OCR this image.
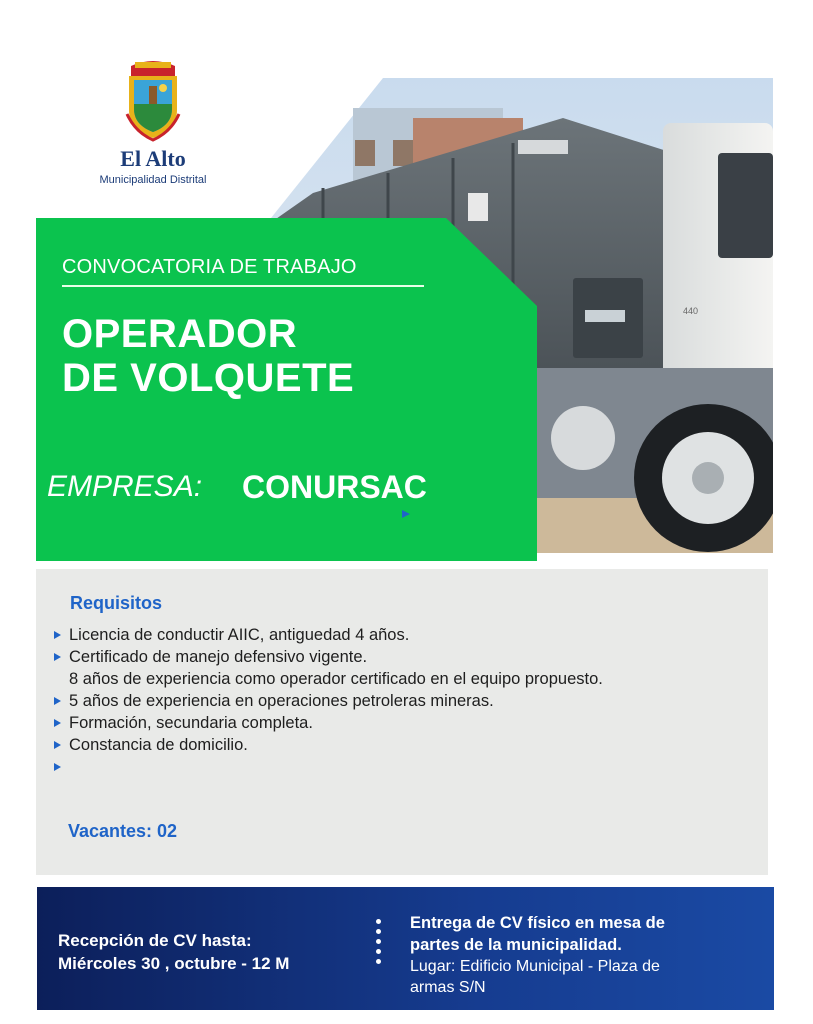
El Alto
Municipalidad Distrital
440
CONVOCATORIA DE TRABAJO
OPERADOR
DE VOLQUETE
EMPRESA: CONURSAC
Requisitos
Licencia de conductir AIIC, antiguedad 4 años.
Certificado de manejo defensivo vigente.
8 años de experiencia como operador certificado en el equipo propuesto.
5 años de experiencia en operaciones petroleras mineras.
Formación, secundaria completa.
Constancia de domicilio.
Vacantes: 02
Recepción de CV hasta:
Miércoles 30 , octubre - 12 M
Entrega de CV físico en mesa de
partes de la municipalidad.
Lugar: Edificio Municipal - Plaza de
armas S/N
